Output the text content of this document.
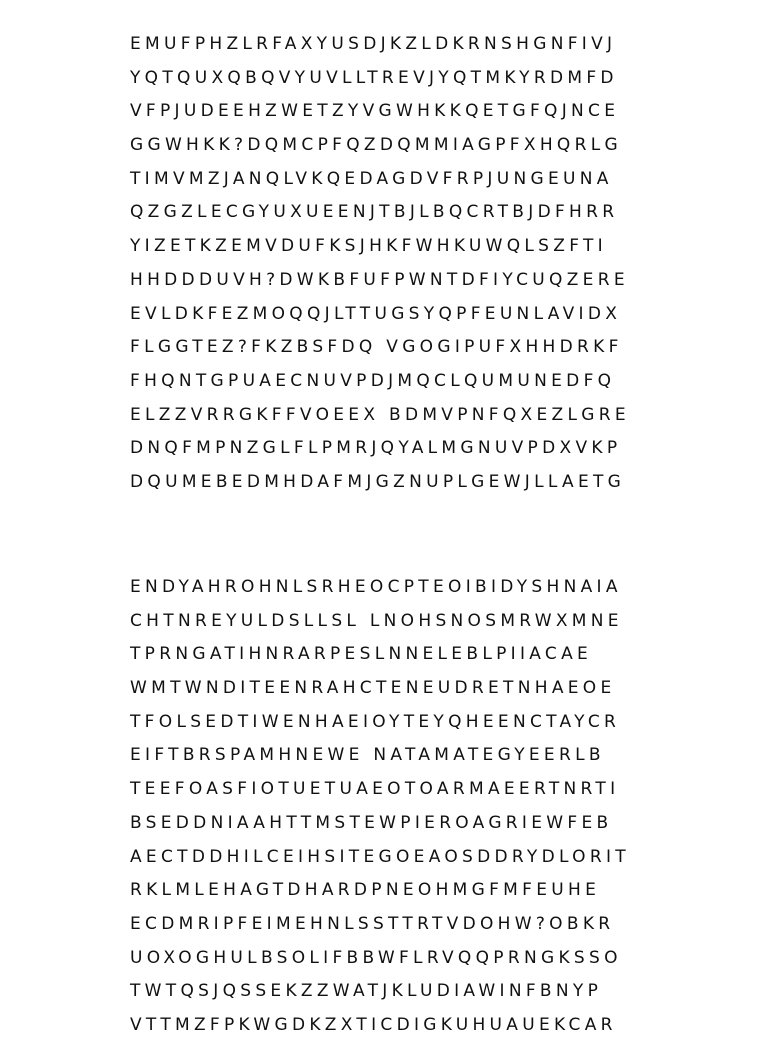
EMUFPHZLRFAXYUSDJKZLDKRNSHGNFIVJ
YQTQUXQBQVYUVLLTREVJYQTMKYRDMFD
VFPJUDEEHZWETZYVGWHKKQETGFQJNCE
GGWHKK?DQMCPFQZDQMMIAGPFXHQRLG
TIMVMZJANQLVKQEDAGDVFRPJUNGEUNA
QZGZLECGYUXUEENJTBJLBQCRTBJDFHRR
YIZETKZEMVDUFKSJHKFWHKUWQLSZFTI
HHDDDUVH?DWKBFUFPWNTDFIYCUQZERE
EVLDKFEZMOQQJLTTUGSYQPFEUNLAVIDX
FLGGTEZ?FKZBSFDQ VGOGIPUFXHHDRKF
FHQNTGPUAECNUVPDJMQCLQUMUNEDFQ
ELZZVRRGKFFVOEEX BDMVPNFQXEZLGRE
DNQFMPNZGLFLPMRJQYALMGNUVPDXVKP
DQUMEBEDMHDAFMJGZNUPLGEWJLLAETG
ENDYAHROHNLSRHEOCPTEOIBIDYSHNAIA
CHTNREYULDSLLSL LNOHSNOSMRWXMNE
TPRNGATIHNRARPESLNNELEBLPIIACAE
WMTWNDITEENRAHCTENEUDRETNHAEOE
TFOLSEDTIWENHAEIOYTEYQHEENCTAYCR
EIFTBRSPAMHNEWE NATAMATEGYEERLB
TEEFOASFIOTUETUAEOTOARMAEERTNRTI
BSEDDNIAAHTTMSTEWPIEROAGRIEWFEB
AECTDDHILCEIHSITEGOEAOSDDRYDLORIT
RKLMLEHAGTDHARDPNEOHMGFMFEUHE
ECDMRIPFEIMEHNLSSTTRTVDOHW?OBKR
UOXOGHULBSOLIFBBWFLRVQQPRNGKSSO
TWTQSJQSSEKZZWATJKLUDIAWINFBNYP
VTTMZFPKWGDKZXTICDIGKUHUAUEKCAR
